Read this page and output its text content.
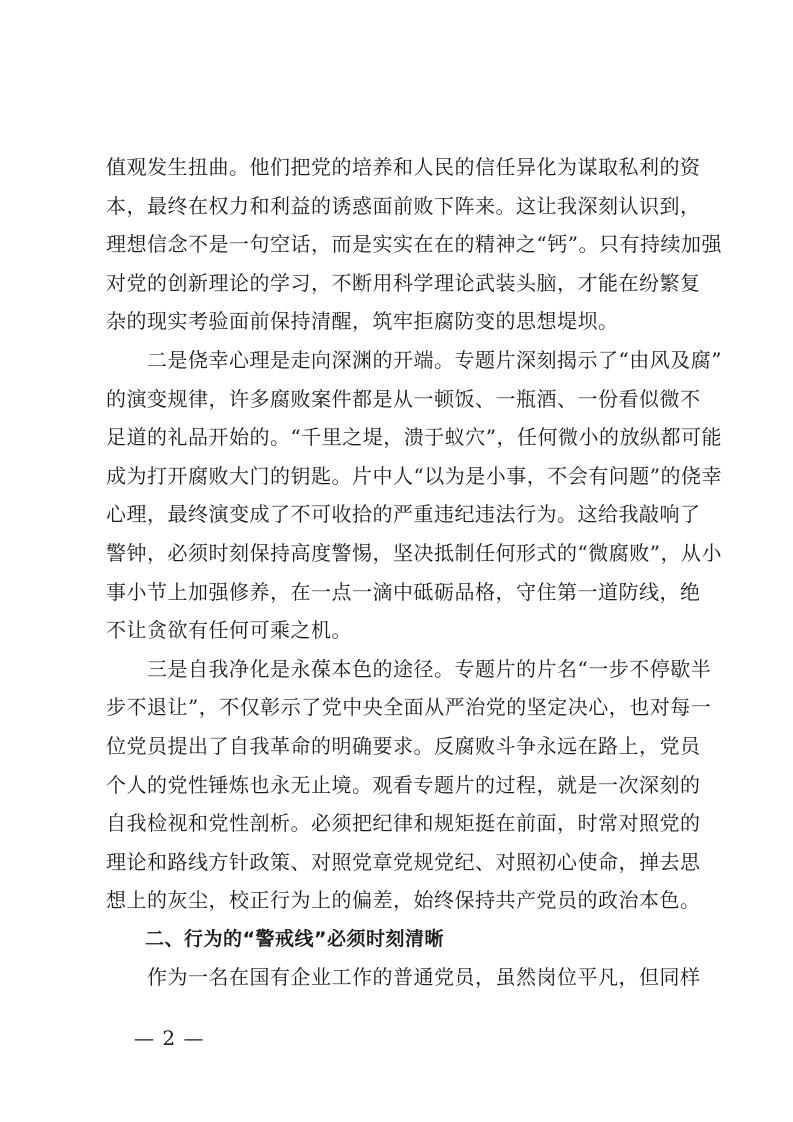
值观发生扭曲。他们把党的培养和人民的信任异化为谋取私利的资
本，最终在权力和利益的诱惑面前败下阵来。这让我深刻认识到，
理想信念不是一句空话，而是实实在在的精神之“钙”。只有持续加强
对党的创新理论的学习，不断用科学理论武装头脑，才能在纷繁复
杂的现实考验面前保持清醒，筑牢拒腐防变的思想堤坝。
　　二是侥幸心理是走向深渊的开端。专题片深刻揭示了“由风及腐”
的演变规律，许多腐败案件都是从一顿饭、一瓶酒、一份看似微不
足道的礼品开始的。“千里之堤，溃于蚁穴”，任何微小的放纵都可能
成为打开腐败大门的钥匙。片中人“以为是小事，不会有问题”的侥幸
心理，最终演变成了不可收拾的严重违纪违法行为。这给我敲响了
警钟，必须时刻保持高度警惕，坚决抵制任何形式的“微腐败”，从小
事小节上加强修养，在一点一滴中砥砺品格，守住第一道防线，绝
不让贪欲有任何可乘之机。
　　三是自我净化是永葆本色的途径。专题片的片名“一步不停歇半
步不退让”，不仅彰示了党中央全面从严治党的坚定决心，也对每一
位党员提出了自我革命的明确要求。反腐败斗争永远在路上，党员
个人的党性锤炼也永无止境。观看专题片的过程，就是一次深刻的
自我检视和党性剖析。必须把纪律和规矩挺在前面，时常对照党的
理论和路线方针政策、对照党章党规党纪、对照初心使命，掸去思
想上的灰尘，校正行为上的偏差，始终保持共产党员的政治本色。
　　二、行为的“警戒线”必须时刻清晰
　　作为一名在国有企业工作的普通党员，虽然岗位平凡，但同样
— 2 —
